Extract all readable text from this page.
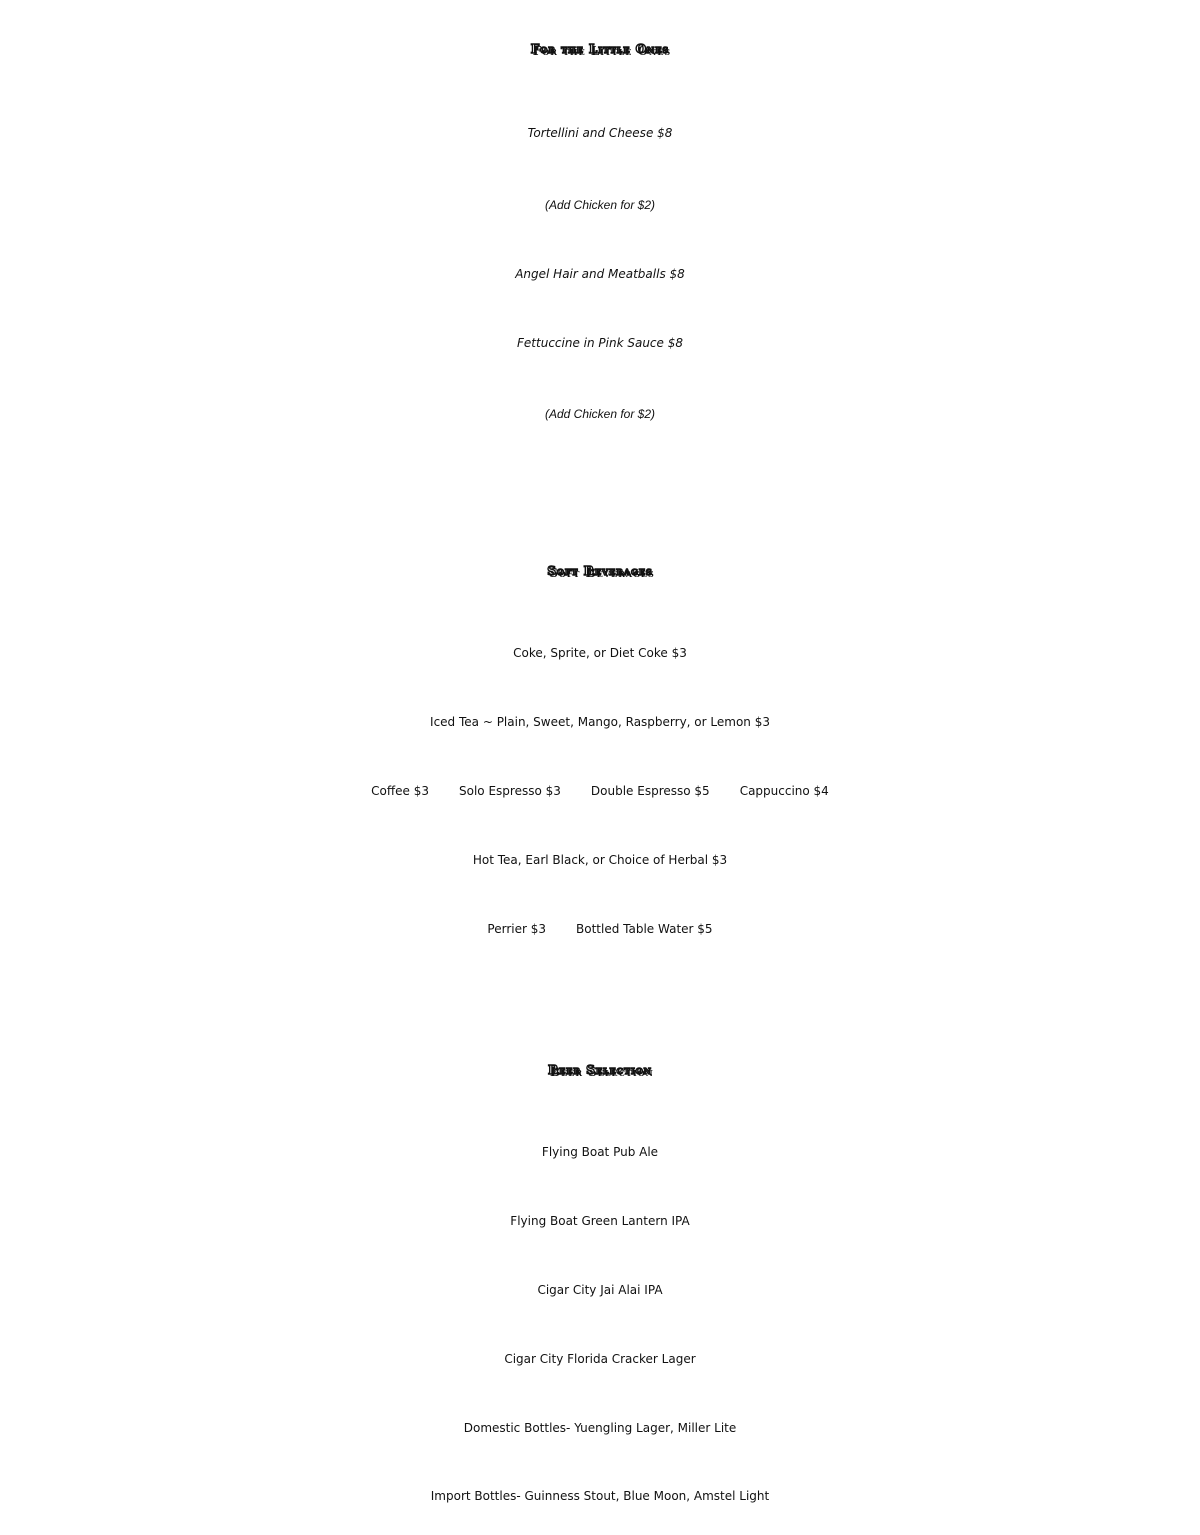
For the Little Ones
Tortellini and Cheese $8
(Add Chicken for $2)
Angel Hair and Meatballs $8
Fettuccine in Pink Sauce $8
(Add Chicken for $2)
Soft Beverages
Coke, Sprite, or Diet Coke $3
Iced Tea ~ Plain, Sweet, Mango, Raspberry, or Lemon $3
Coffee $3	Solo Espresso $3	Double Espresso $5	Cappuccino $4
Hot Tea, Earl Black, or Choice of Herbal $3
Perrier $3	Bottled Table Water $5
Beer Selection
Flying Boat Pub Ale
Flying Boat Green Lantern IPA
Cigar City Jai Alai IPA
Cigar City Florida Cracker Lager
Domestic Bottles- Yuengling Lager, Miller Lite
Import Bottles- Guinness Stout, Blue Moon, Amstel Light
